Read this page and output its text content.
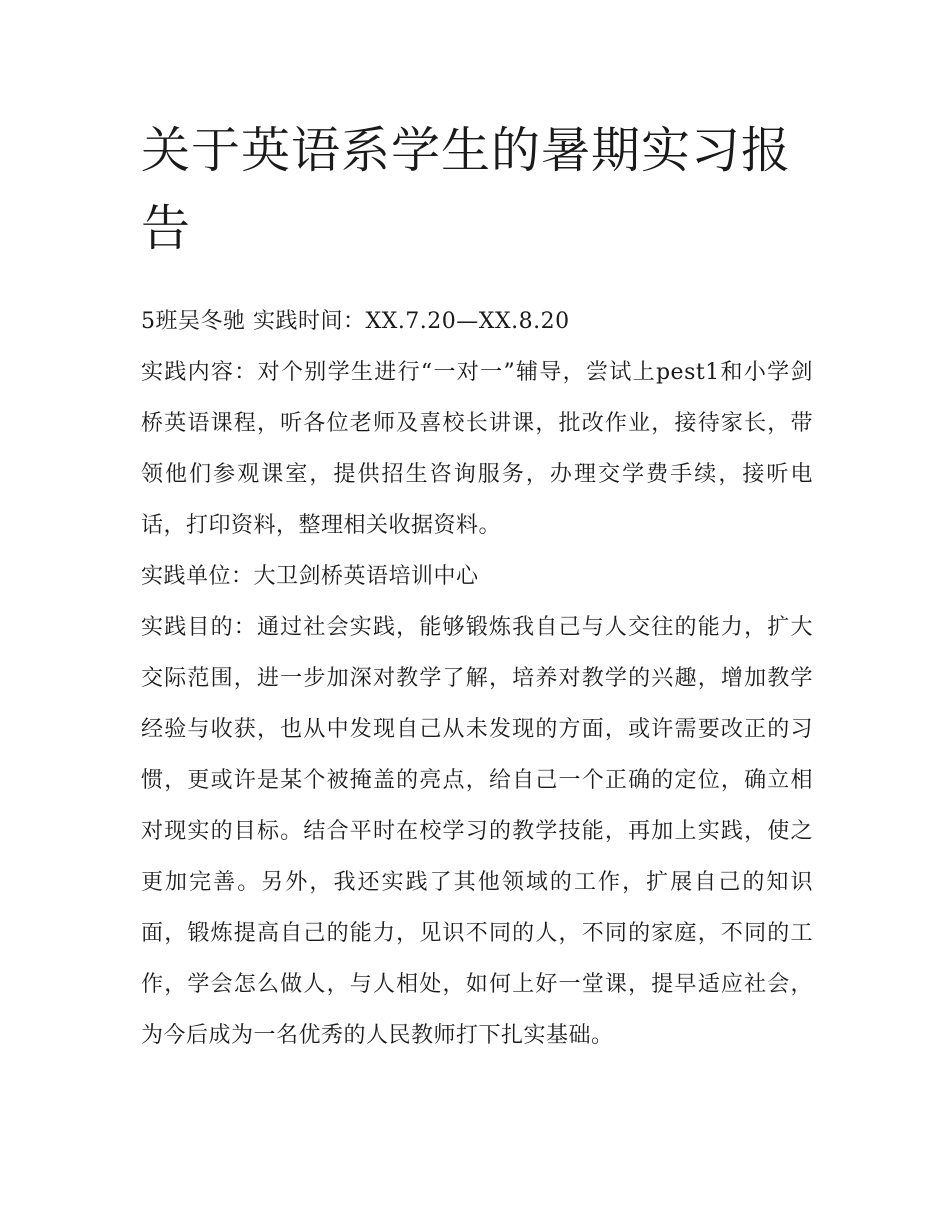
关于英语系学生的暑期实习报告

5班吴冬驰 实践时间：XX.7.20—XX.8.20

实践内容：对个别学生进行“一对一”辅导，尝试上pest1和小学剑桥英语课程，听各位老师及喜校长讲课，批改作业，接待家长，带领他们参观课室，提供招生咨询服务，办理交学费手续，接听电话，打印资料，整理相关收据资料。

实践单位：大卫剑桥英语培训中心

实践目的：通过社会实践，能够锻炼我自己与人交往的能力，扩大交际范围，进一步加深对教学了解，培养对教学的兴趣，增加教学经验与收获，也从中发现自己从未发现的方面，或许需要改正的习惯，更或许是某个被掩盖的亮点，给自己一个正确的定位，确立相对现实的目标。结合平时在校学习的教学技能，再加上实践，使之更加完善。另外，我还实践了其他领域的工作，扩展自己的知识面，锻炼提高自己的能力，见识不同的人，不同的家庭，不同的工作，学会怎么做人，与人相处，如何上好一堂课，提早适应社会，为今后成为一名优秀的人民教师打下扎实基础。
